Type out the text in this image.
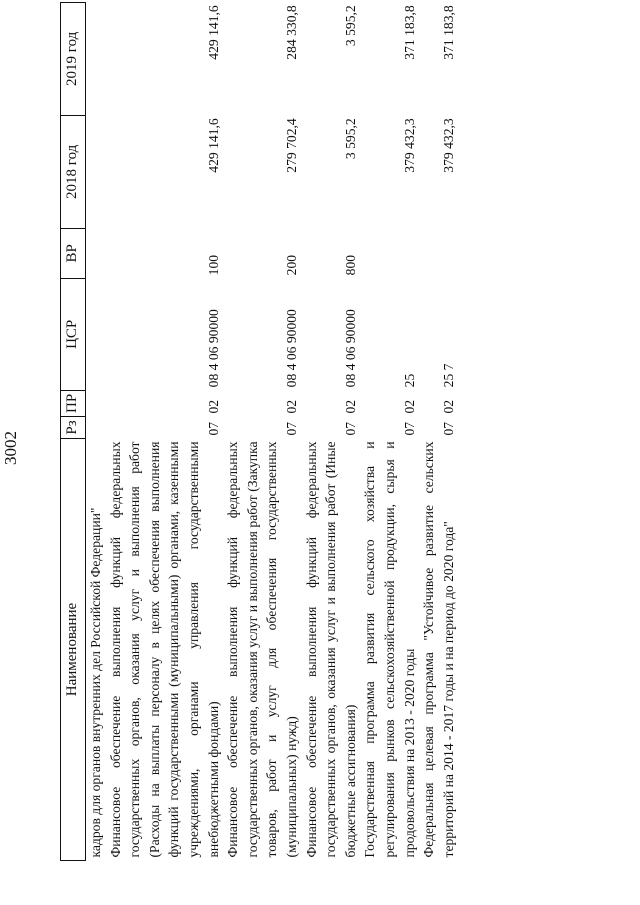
3002
Наименование	Рз	ПР	ЦСР	ВР	2018 год	2019 год
кадров для органов внутренних дел Российской Федерации"						
Финансовое обеспечение выполнения функций федеральных государственных органов, оказания услуг и выполнения работ (Расходы на выплаты персоналу в целях обеспечения выполнения функций государственными (муниципальными) органами, казенными учреждениями, органами управления государственными внебюджетными фондами)	07	02	08 4 06 90000	100	429 141,6	429 141,6
Финансовое обеспечение выполнения функций федеральных государственных органов, оказания услуг и выполнения работ (Закупка товаров, работ и услуг для обеспечения государственных (муниципальных) нужд)	07	02	08 4 06 90000	200	279 702,4	284 330,8
Финансовое обеспечение выполнения функций федеральных государственных органов, оказания услуг и выполнения работ (Иные бюджетные ассигнования)	07	02	08 4 06 90000	800	3 595,2	3 595,2
Государственная программа развития сельского хозяйства и регулирования рынков сельскохозяйственной продукции, сырья и продовольствия на 2013 - 2020 годы	07	02	25		379 432,3	371 183,8
Федеральная целевая программа "Устойчивое развитие сельских территорий на 2014 - 2017 годы и на период до 2020 года"	07	02	25 7		379 432,3	371 183,8
